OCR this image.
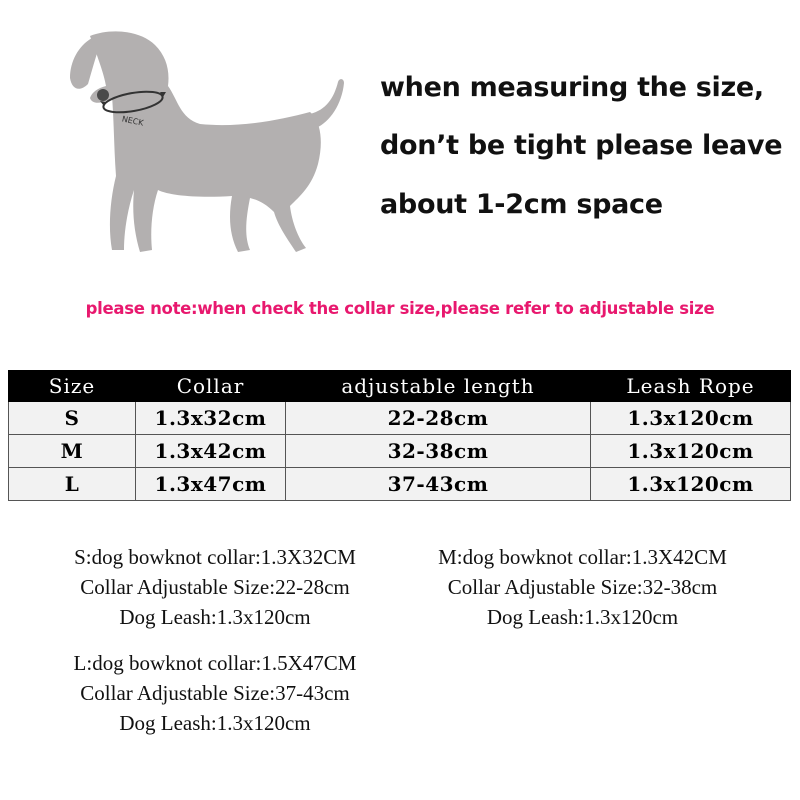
NECK
when measuring the size,
don’t be tight please leave
about 1-2cm space
please note:when check the collar size,please refer to adjustable size
Size	Collar	adjustable length	Leash Rope
S	1.3x32cm	22-28cm	1.3x120cm
M	1.3x42cm	32-38cm	1.3x120cm
L	1.3x47cm	37-43cm	1.3x120cm
S:dog bowknot collar:1.3X32CM
Collar Adjustable Size:22-28cm
Dog Leash:1.3x120cm
M:dog bowknot collar:1.3X42CM
Collar Adjustable Size:32-38cm
Dog Leash:1.3x120cm
L:dog bowknot collar:1.5X47CM
Collar Adjustable Size:37-43cm
Dog Leash:1.3x120cm
